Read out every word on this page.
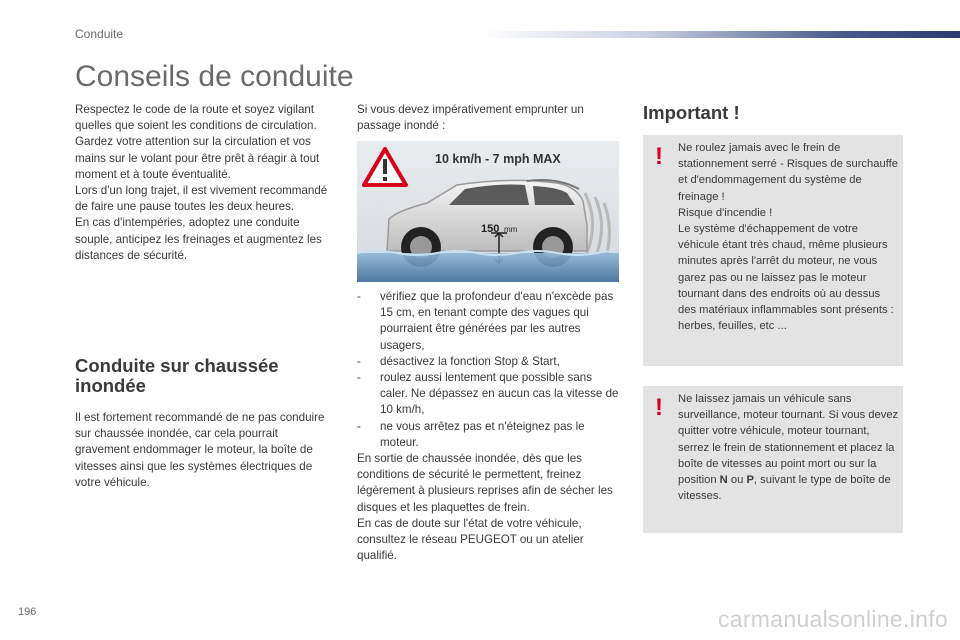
Conduite
Conseils de conduite

Respectez le code de la route et soyez vigilant quelles que soient les conditions de circulation.

Gardez votre attention sur la circulation et vos mains sur le volant pour être prêt à réagir à tout moment et à toute éventualité.

Lors d'un long trajet, il est vivement recommandé de faire une pause toutes les deux heures.

En cas d'intempéries, adoptez une conduite souple, anticipez les freinages et augmentez les distances de sécurité.

Conduite sur chaussée inondée
Il est fortement recommandé de ne pas conduire sur chaussée inondée, car cela pourrait gravement endommager le moteur, la boîte de vitesses ainsi que les systèmes électriques de votre véhicule.
Si vous devez impérativement emprunter un passage inondé :
10 km/h - 7 mph MAX
150 mm
- vérifiez que la profondeur d'eau n'excède pas 15 cm, en tenant compte des vagues qui pourraient être générées par les autres usagers,
- désactivez la fonction Stop & Start,
- roulez aussi lentement que possible sans caler. Ne dépassez en aucun cas la vitesse de 10 km/h,
- ne vous arrêtez pas et n'éteignez pas le moteur.

En sortie de chaussée inondée, dès que les conditions de sécurité le permettent, freinez légèrement à plusieurs reprises afin de sécher les disques et les plaquettes de frein.

En cas de doute sur l'état de votre véhicule, consultez le réseau PEUGEOT ou un atelier qualifié.

Important !
! Ne roulez jamais avec le frein de stationnement serré - Risques de surchauffe et d'endommagement du système de freinage !
Risque d'incendie !
Le système d'échappement de votre véhicule étant très chaud, même plusieurs minutes après l'arrêt du moteur, ne vous garez pas ou ne laissez pas le moteur tournant dans des endroits où au dessus des matériaux inflammables sont présents : herbes, feuilles, etc ...
! Ne laissez jamais un véhicule sans surveillance, moteur tournant. Si vous devez quitter votre véhicule, moteur tournant, serrez le frein de stationnement et placez la boîte de vitesses au point mort ou sur la position N ou P, suivant le type de boîte de vitesses.
196	carmanualsonline.info
